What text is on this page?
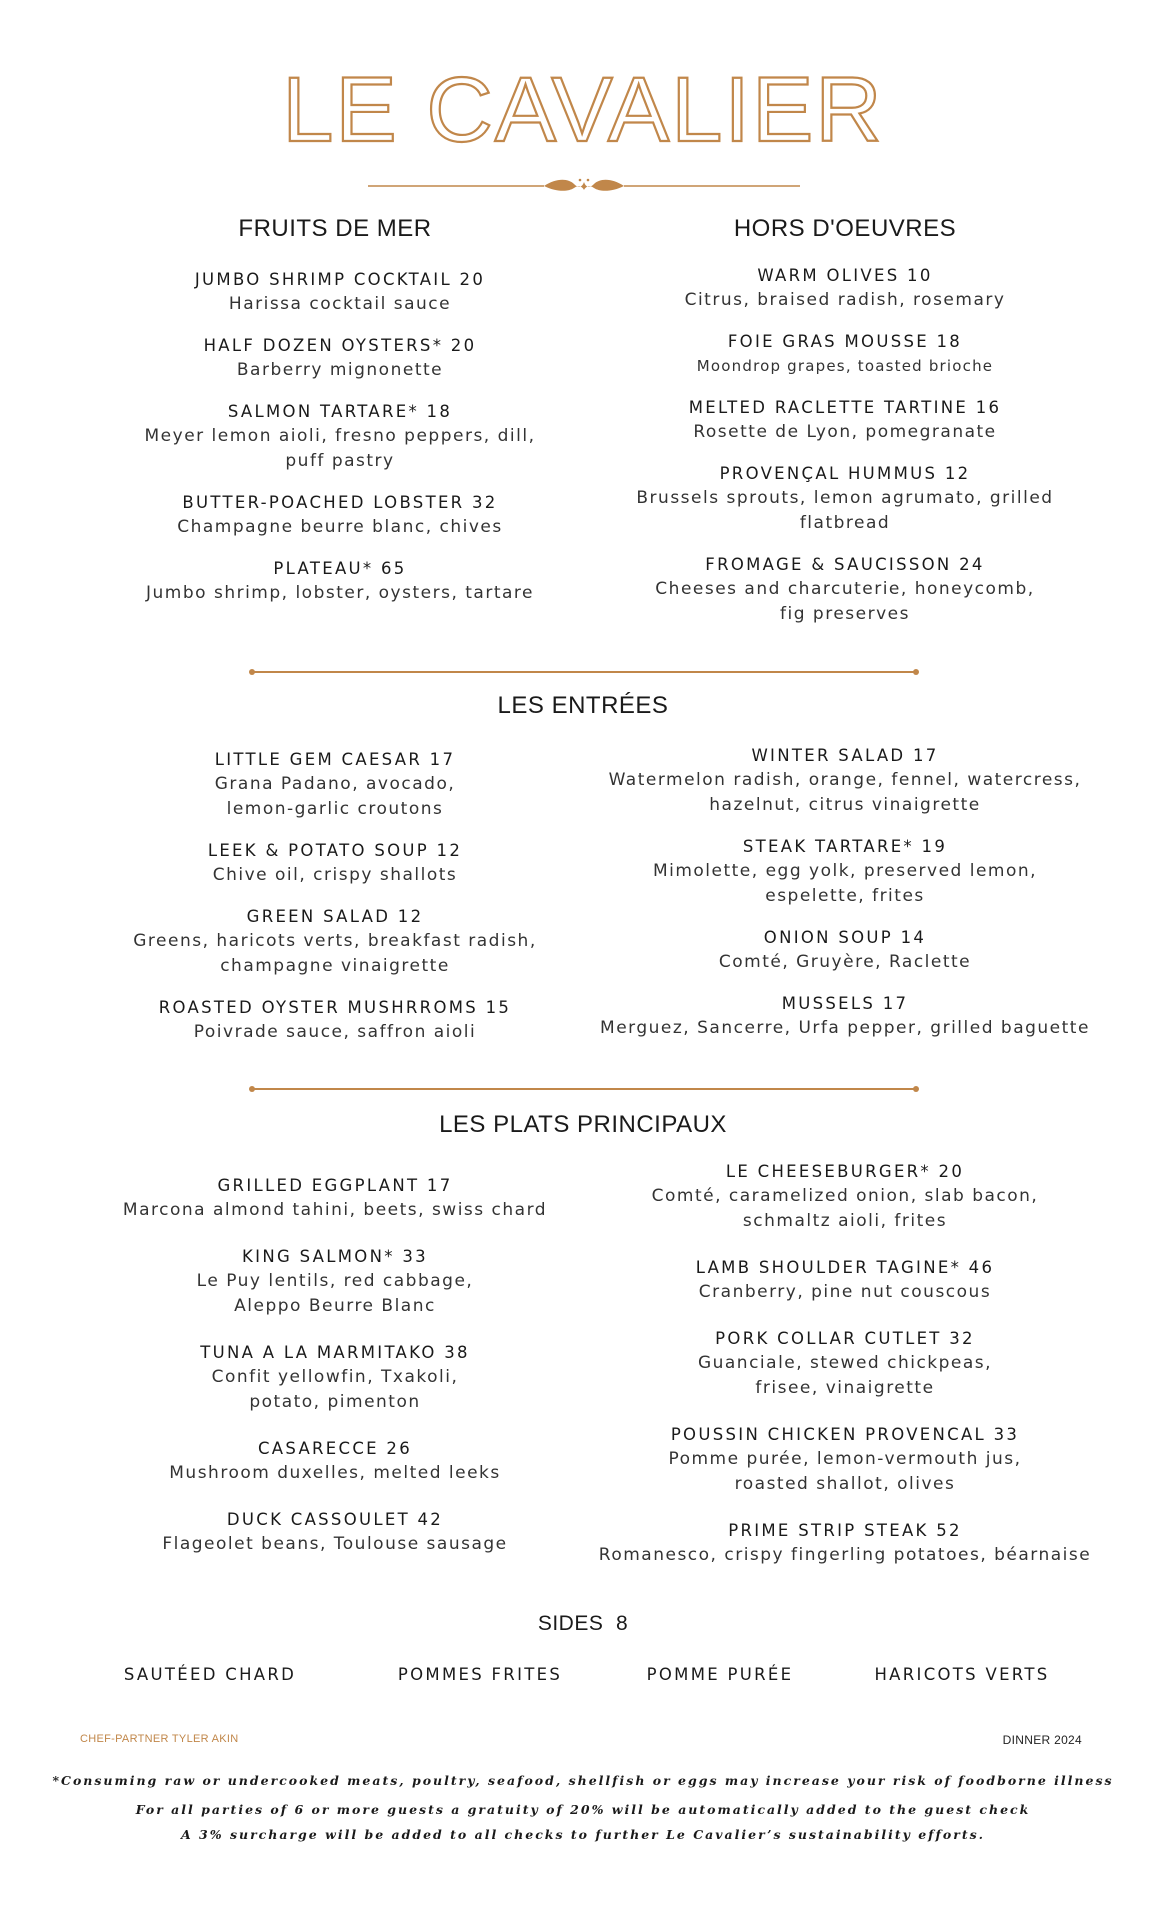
LE CAVALIER
FRUITS DE MER
JUMBO SHRIMP COCKTAIL 20
Harissa cocktail sauce
HALF DOZEN OYSTERS* 20
Barberry mignonette
SALMON TARTARE* 18
Meyer lemon aioli, fresno peppers, dill,
puff pastry
BUTTER-POACHED LOBSTER 32
Champagne beurre blanc, chives
PLATEAU* 65
Jumbo shrimp, lobster, oysters, tartare
HORS D'OEUVRES
WARM OLIVES 10
Citrus, braised radish, rosemary
FOIE GRAS MOUSSE 18
Moondrop grapes, toasted brioche
MELTED RACLETTE TARTINE 16
Rosette de Lyon, pomegranate
PROVENÇAL HUMMUS 12
Brussels sprouts, lemon agrumato, grilled
flatbread
FROMAGE & SAUCISSON 24
Cheeses and charcuterie, honeycomb,
fig preserves
LES ENTRÉES
LITTLE GEM CAESAR 17
Grana Padano, avocado,
lemon-garlic croutons
LEEK & POTATO SOUP 12
Chive oil, crispy shallots
GREEN SALAD 12
Greens, haricots verts, breakfast radish,
champagne vinaigrette
ROASTED OYSTER MUSHRROMS 15
Poivrade sauce, saffron aioli
WINTER SALAD 17
Watermelon radish, orange, fennel, watercress,
hazelnut, citrus vinaigrette
STEAK TARTARE* 19
Mimolette, egg yolk, preserved lemon,
espelette, frites
ONION SOUP 14
Comté, Gruyère, Raclette
MUSSELS 17
Merguez, Sancerre, Urfa pepper, grilled baguette
LES PLATS PRINCIPAUX
GRILLED EGGPLANT 17
Marcona almond tahini, beets, swiss chard
KING SALMON* 33
Le Puy lentils, red cabbage,
Aleppo Beurre Blanc
TUNA A LA MARMITAKO 38
Confit yellowfin, Txakoli,
potato, pimenton
CASARECCE 26
Mushroom duxelles, melted leeks
DUCK CASSOULET 42
Flageolet beans, Toulouse sausage
LE CHEESEBURGER* 20
Comté, caramelized onion, slab bacon,
schmaltz aioli, frites
LAMB SHOULDER TAGINE* 46
Cranberry, pine nut couscous
PORK COLLAR CUTLET 32
Guanciale, stewed chickpeas,
frisee, vinaigrette
POUSSIN CHICKEN PROVENCAL 33
Pomme purée, lemon-vermouth jus,
roasted shallot, olives
PRIME STRIP STEAK 52
Romanesco, crispy fingerling potatoes, béarnaise
SIDES  8
SAUTÉED CHARD	POMMES FRITES	POMME PURÉE	HARICOTS VERTS
CHEF-PARTNER TYLER AKIN	DINNER 2024
*Consuming raw or undercooked meats, poultry, seafood, shellfish or eggs may increase your risk of foodborne illness
For all parties of 6 or more guests a gratuity of 20% will be automatically added to the guest check
A 3% surcharge will be added to all checks to further Le Cavalier’s sustainability efforts.
